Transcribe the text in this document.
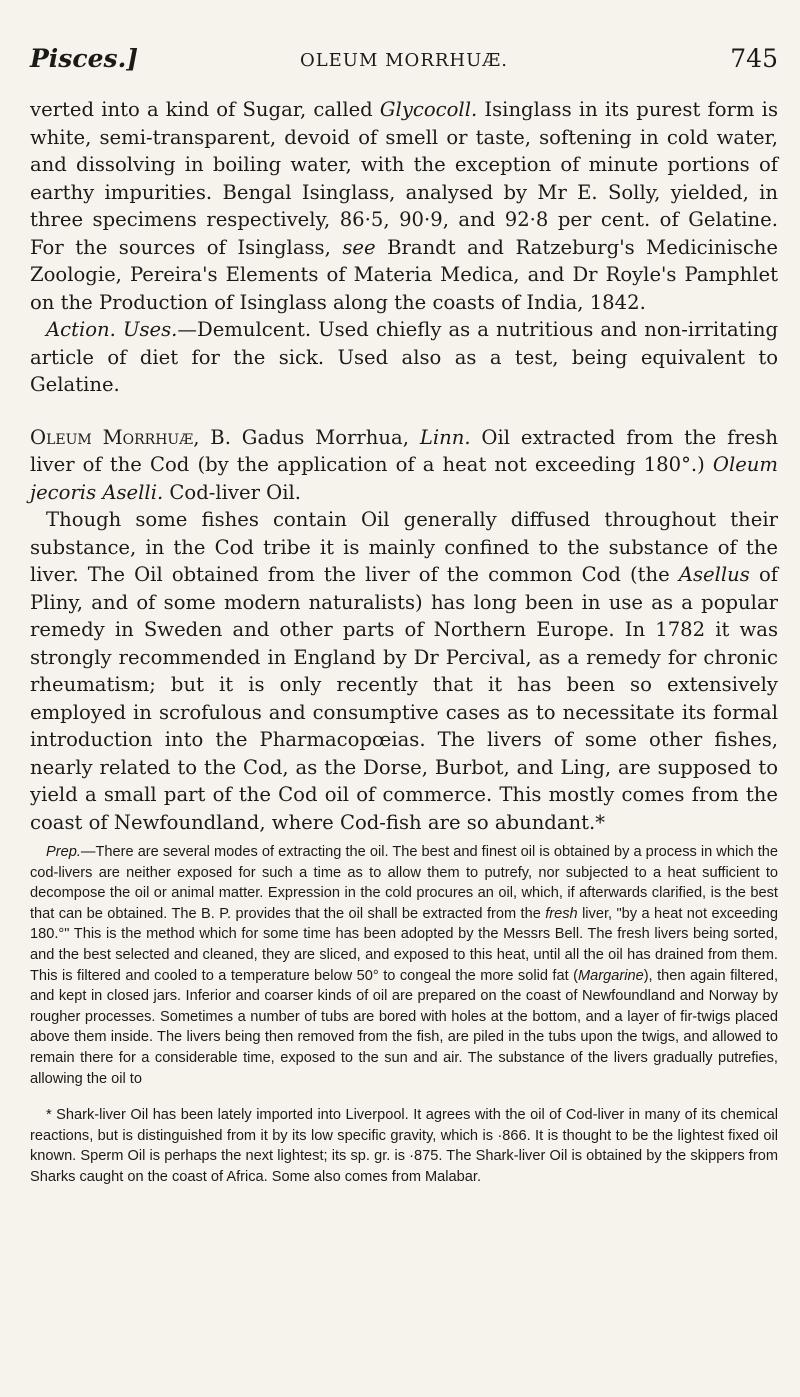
Pisces.]	OLEUM MORRHUÆ.	745

verted into a kind of Sugar, called Glycocoll. Isinglass in its purest form is white, semi-transparent, devoid of smell or taste, softening in cold water, and dissolving in boiling water, with the exception of minute portions of earthy impurities. Bengal Isinglass, analysed by Mr E. Solly, yielded, in three specimens respectively, 86·5, 90·9, and 92·8 per cent. of Gelatine. For the sources of Isinglass, see Brandt and Ratzeburg's Medicinische Zoologie, Pereira's Elements of Materia Medica, and Dr Royle's Pamphlet on the Production of Isinglass along the coasts of India, 1842.

Action. Uses.—Demulcent. Used chiefly as a nutritious and non-irritating article of diet for the sick. Used also as a test, being equivalent to Gelatine.

Oleum Morrhuæ, B. Gadus Morrhua, Linn. Oil extracted from the fresh liver of the Cod (by the application of a heat not exceeding 180°.) Oleum jecoris Aselli. Cod-liver Oil.

Though some fishes contain Oil generally diffused throughout their substance, in the Cod tribe it is mainly confined to the substance of the liver. The Oil obtained from the liver of the common Cod (the Asellus of Pliny, and of some modern naturalists) has long been in use as a popular remedy in Sweden and other parts of Northern Europe. In 1782 it was strongly recommended in England by Dr Percival, as a remedy for chronic rheumatism; but it is only recently that it has been so extensively employed in scrofulous and consumptive cases as to necessitate its formal introduction into the Pharmacopœias. The livers of some other fishes, nearly related to the Cod, as the Dorse, Burbot, and Ling, are supposed to yield a small part of the Cod oil of commerce. This mostly comes from the coast of Newfoundland, where Cod-fish are so abundant.*

Prep.—There are several modes of extracting the oil. The best and finest oil is obtained by a process in which the cod-livers are neither exposed for such a time as to allow them to putrefy, nor subjected to a heat sufficient to decompose the oil or animal matter. Expression in the cold procures an oil, which, if afterwards clarified, is the best that can be obtained. The B. P. provides that the oil shall be extracted from the fresh liver, "by a heat not exceeding 180.°" This is the method which for some time has been adopted by the Messrs Bell. The fresh livers being sorted, and the best selected and cleaned, they are sliced, and exposed to this heat, until all the oil has drained from them. This is filtered and cooled to a temperature below 50° to congeal the more solid fat (Margarine), then again filtered, and kept in closed jars. Inferior and coarser kinds of oil are prepared on the coast of Newfoundland and Norway by rougher processes. Sometimes a number of tubs are bored with holes at the bottom, and a layer of fir-twigs placed above them inside. The livers being then removed from the fish, are piled in the tubs upon the twigs, and allowed to remain there for a considerable time, exposed to the sun and air. The substance of the livers gradually putrefies, allowing the oil to

* Shark-liver Oil has been lately imported into Liverpool. It agrees with the oil of Cod-liver in many of its chemical reactions, but is distinguished from it by its low specific gravity, which is ·866. It is thought to be the lightest fixed oil known. Sperm Oil is perhaps the next lightest; its sp. gr. is ·875. The Shark-liver Oil is obtained by the skippers from Sharks caught on the coast of Africa. Some also comes from Malabar.
